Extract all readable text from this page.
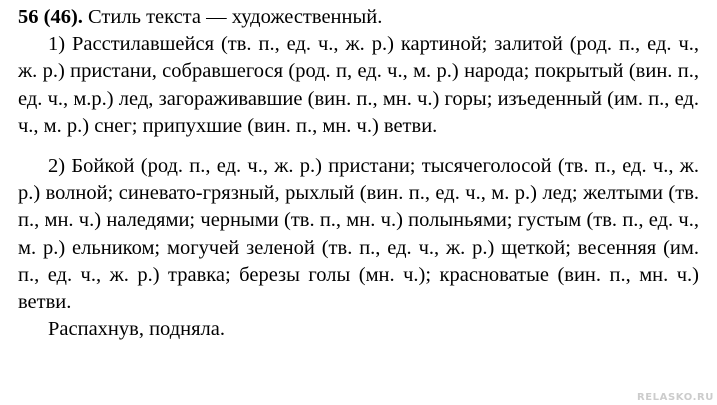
56 (46). Стиль текста — художественный.

1) Расстилавшейся (тв. п., ед. ч., ж. р.) картиной; залитой (род. п., ед. ч., ж. р.) пристани, собравшегося (род. п, ед. ч., м. р.) народа; покрытый (вин. п., ед. ч., м.р.) лед, загораживавшие (вин. п., мн. ч.) горы; изъеденный (им. п., ед. ч., м. р.) снег; припухшие (вин. п., мн. ч.) ветви.

2) Бойкой (род. п., ед. ч., ж. р.) пристани; тысячеголосой (тв. п., ед. ч., ж. р.) волной; синевато-грязный, рыхлый (вин. п., ед. ч., м. р.) лед; желтыми (тв. п., мн. ч.) наледями; черными (тв. п., мн. ч.) полыньями; густым (тв. п., ед. ч., м. р.) ельником; могучей зеленой (тв. п., ед. ч., ж. р.) щеткой; весенняя (им. п., ед. ч., ж. р.) травка; березы голы (мн. ч.); красноватые (вин. п., мн. ч.) ветви.

Распахнув, подняла.

RELASKO.RU
